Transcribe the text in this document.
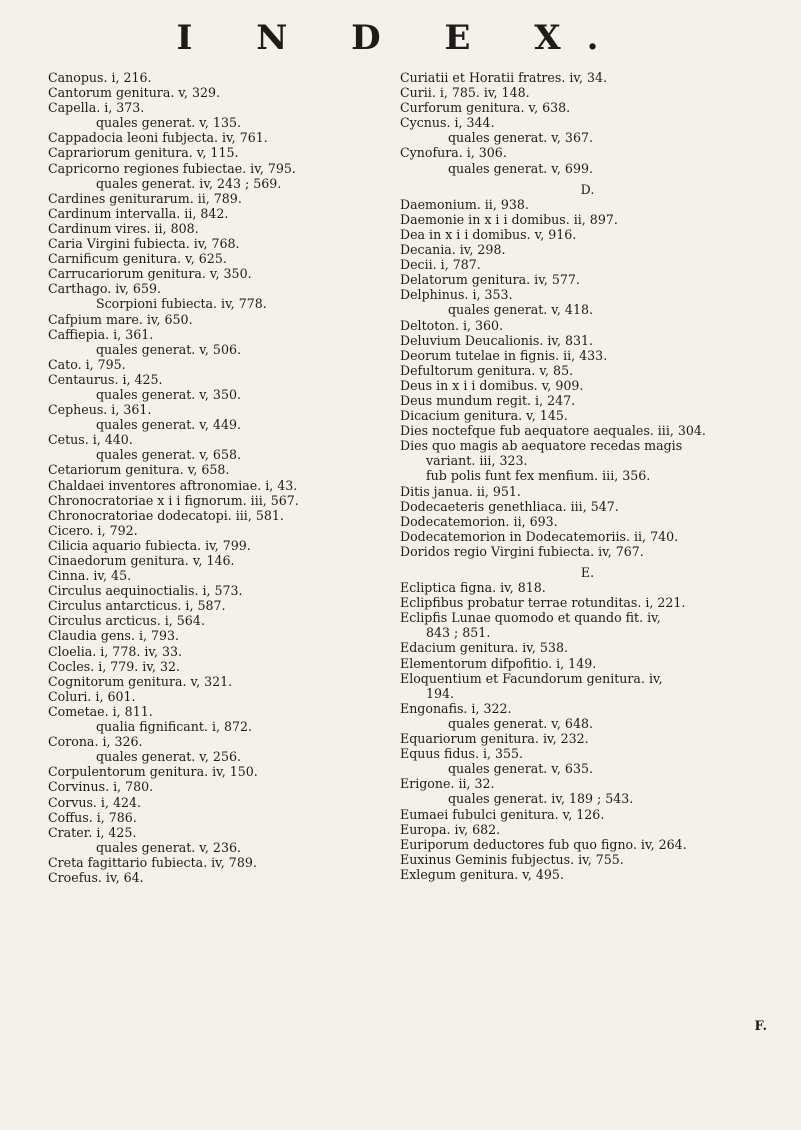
I N D E X.
Canopus. i, 216.
Cantorum genitura. v, 329.
Capella. i, 373.
quales generat. v, 135.
Cappadocia leoni fubjecta. iv, 761.
Caprariorum genitura. v, 115.
Capricorno regiones fubiectae. iv, 795.
quales generat. iv, 243 ; 569.
Cardines geniturarum. ii, 789.
Cardinum intervalla. ii, 842.
Cardinum vires. ii, 808.
Caria Virgini fubiecta. iv, 768.
Carnificum genitura. v, 625.
Carrucariorum genitura. v, 350.
Carthago. iv, 659.
Scorpioni fubiecta. iv, 778.
Cafpium mare. iv, 650.
Caffiepia. i, 361.
quales generat. v, 506.
Cato. i, 795.
Centaurus. i, 425.
quales generat. v, 350.
Cepheus. i, 361.
quales generat. v, 449.
Cetus. i, 440.
quales generat. v, 658.
Cetariorum genitura. v, 658.
Chaldaei inventores aftronomiae. i, 43.
Chronocratoriae x i i fignorum. iii, 567.
Chronocratoriae dodecatopi. iii, 581.
Cicero. i, 792.
Cilicia aquario fubiecta. iv, 799.
Cinaedorum genitura. v, 146.
Cinna. iv, 45.
Circulus aequinoctialis. i, 573.
Circulus antarcticus. i, 587.
Circulus arcticus. i, 564.
Claudia gens. i, 793.
Cloelia. i, 778. iv, 33.
Cocles. i, 779. iv, 32.
Cognitorum genitura. v, 321.
Coluri. i, 601.
Cometae. i, 811.
qualia fignificant. i, 872.
Corona. i, 326.
quales generat. v, 256.
Corpulentorum genitura. iv, 150.
Corvinus. i, 780.
Corvus. i, 424.
Coffus. i, 786.
Crater. i, 425.
quales generat. v, 236.
Creta fagittario fubiecta. iv, 789.
Croefus. iv, 64.
Curiatii et Horatii fratres. iv, 34.
Curii. i, 785. iv, 148.
Curforum genitura. v, 638.
Cycnus. i, 344.
quales generat. v, 367.
Cynofura. i, 306.
quales generat. v, 699.
D.
Daemonium. ii, 938.
Daemonie in x i i domibus. ii, 897.
Dea in x i i domibus. v, 916.
Decania. iv, 298.
Decii. i, 787.
Delatorum genitura. iv, 577.
Delphinus. i, 353.
quales generat. v, 418.
Deltoton. i, 360.
Deluvium Deucalionis. iv, 831.
Deorum tutelae in fignis. ii, 433.
Defultorum genitura. v, 85.
Deus in x i i domibus. v, 909.
Deus mundum regit. i, 247.
Dicacium genitura. v, 145.
Dies noctefque fub aequatore aequales. iii, 304.
Dies quo magis ab aequatore recedas magis
variant. iii, 323.
fub polis funt fex menfium. iii, 356.
Ditis janua. ii, 951.
Dodecaeteris genethliaca. iii, 547.
Dodecatemorion. ii, 693.
Dodecatemorion in Dodecatemoriis. ii, 740.
Doridos regio Virgini fubiecta. iv, 767.
E.
Ecliptica figna. iv, 818.
Eclipfibus probatur terrae rotunditas. i, 221.
Eclipfis Lunae quomodo et quando fit. iv,
843 ; 851.
Edacium genitura. iv, 538.
Elementorum difpofitio. i, 149.
Eloquentium et Facundorum genitura. iv,
194.
Engonafis. i, 322.
quales generat. v, 648.
Equariorum genitura. iv, 232.
Equus fidus. i, 355.
quales generat. v, 635.
Erigone. ii, 32.
quales generat. iv, 189 ; 543.
Eumaei fubulci genitura. v, 126.
Europa. iv, 682.
Euriporum deductores fub quo figno. iv, 264.
Euxinus Geminis fubjectus. iv, 755.
Exlegum genitura. v, 495.
F.
